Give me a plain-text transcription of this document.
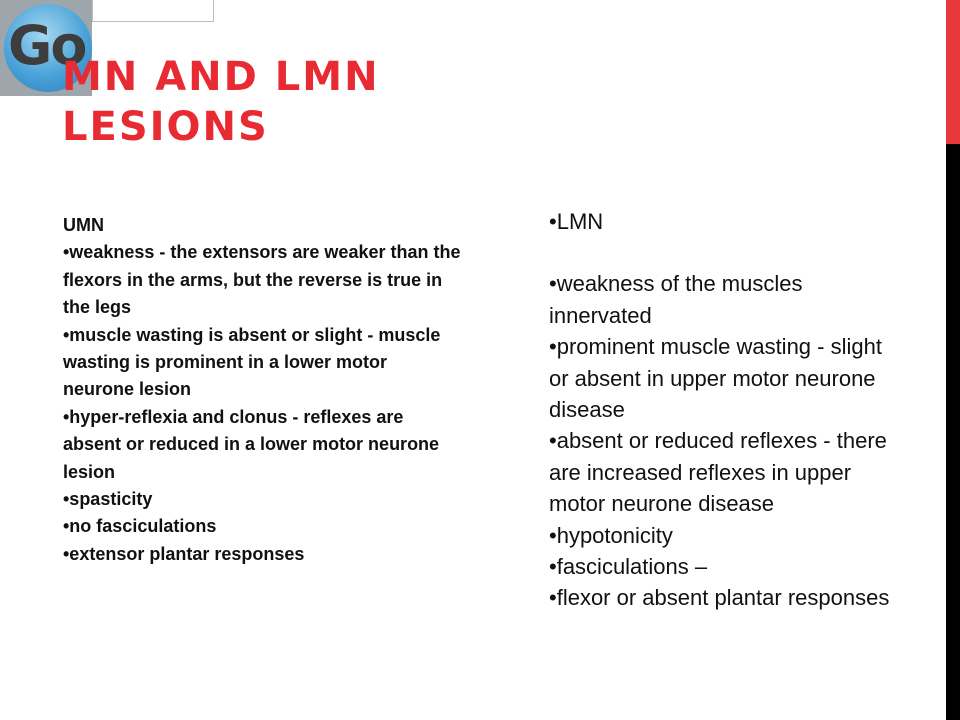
Go
MN AND LMN
LESIONS
UMN
•weakness - the extensors are weaker than the flexors in the arms, but the reverse is true in the legs
•muscle wasting is absent or slight - muscle wasting is prominent in a lower motor neurone lesion
•hyper-reflexia and clonus - reflexes are absent or reduced in a lower motor neurone lesion
•spasticity
•no fasciculations
•extensor plantar responses
•LMN
•weakness of the muscles innervated
•prominent muscle wasting - slight or absent in upper motor neurone disease
•absent or reduced reflexes - there are increased reflexes in upper motor neurone disease
•hypotonicity
•fasciculations –
•flexor or absent plantar responses
